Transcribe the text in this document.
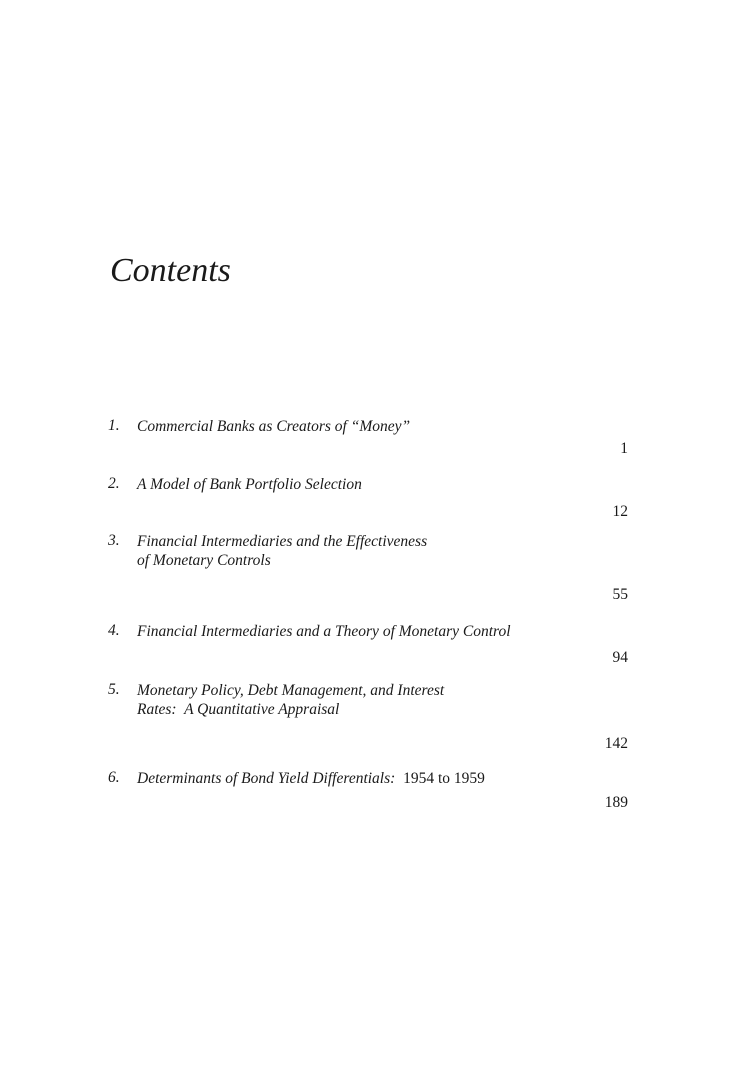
Contents
1. Commercial Banks as Creators of “Money”
1
2. A Model of Bank Portfolio Selection
12
3. Financial Intermediaries and the Effectiveness
of Monetary Controls
55
4. Financial Intermediaries and a Theory of Monetary Control
94
5. Monetary Policy, Debt Management, and Interest
Rates:  A Quantitative Appraisal
142
6. Determinants of Bond Yield Differentials: 1954 to 1959
189
